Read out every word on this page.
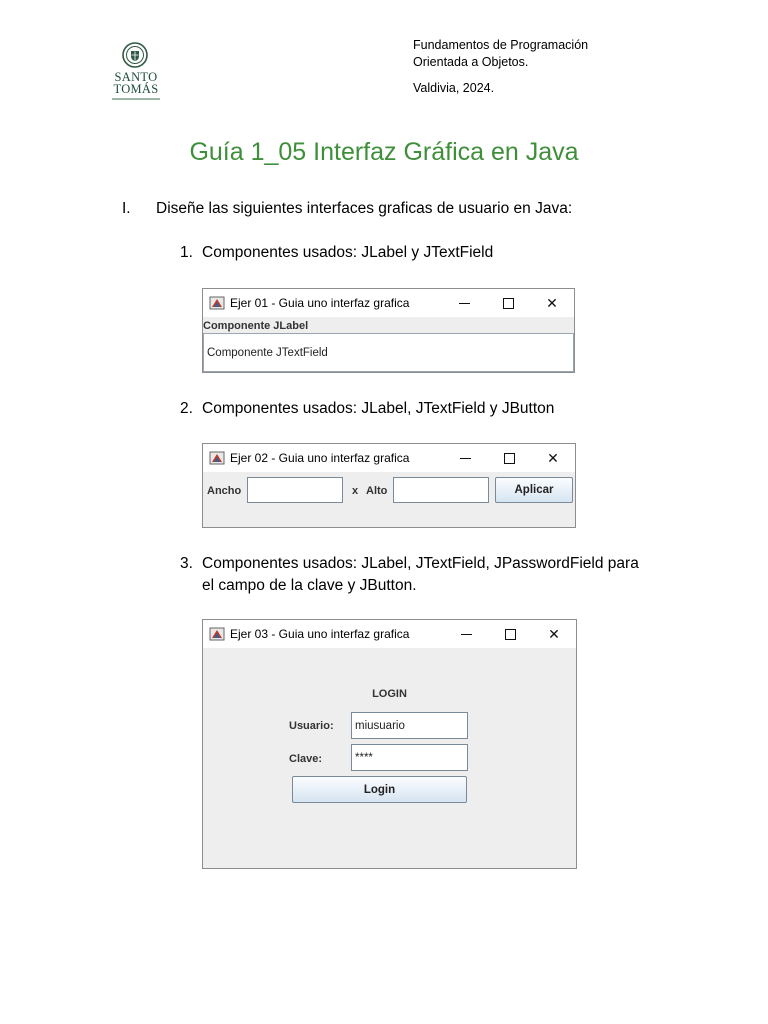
SANTO
TOMÁS
Fundamentos de Programación
Orientada a Objetos.
Valdivia, 2024.
Guía 1_05 Interfaz Gráfica en Java
I. Diseñe las siguientes interfaces graficas de usuario en Java:
1. Componentes usados: JLabel y JTextField
Ejer 01 - Guia uno interfaz grafica	✕
Componente JLabel
Componente JTextField
2. Componentes usados: JLabel, JTextField y JButton
Ejer 02 - Guia uno interfaz grafica	✕
Ancho	x Alto	Aplicar
3. Componentes usados: JLabel, JTextField, JPasswordField para
el campo de la clave y JButton.
Ejer 03 - Guia uno interfaz grafica	✕
LOGIN
Usuario:	miusuario
Clave:	****
Login
